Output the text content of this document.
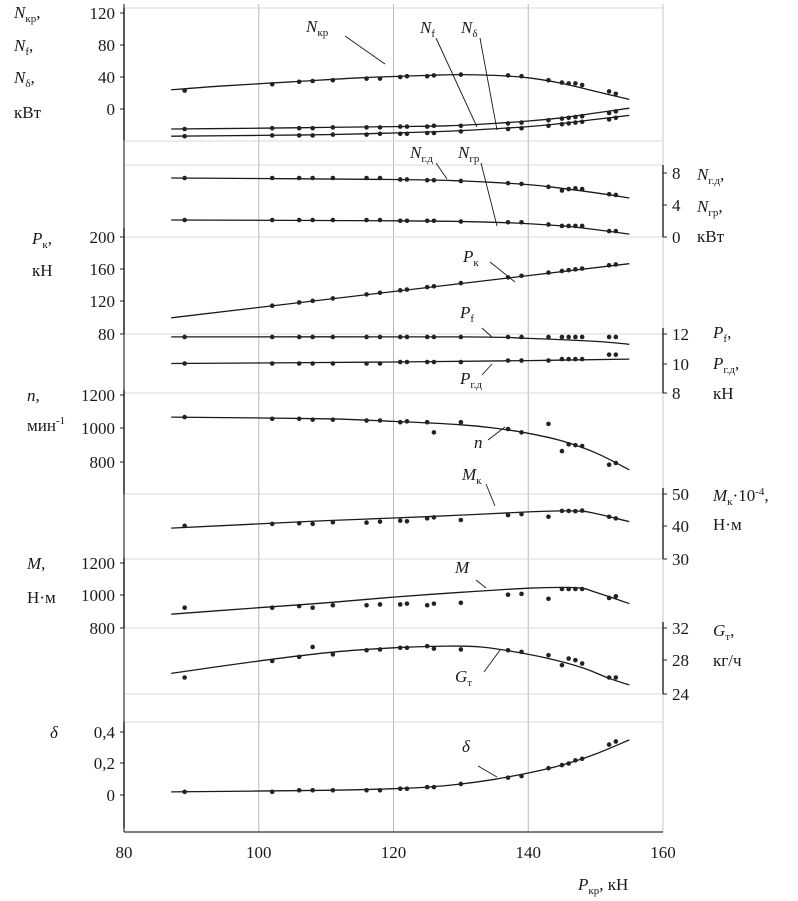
80	100	120	140	160
$P_{кр}$, кН
120
80
40
0
$N_{кр}$,
$N_f$,
$N_\delta$,
кВт
8
4
0
$N_{г.д}$,
$N_{гр}$,
кВт
200
160
120
80
$P_к$,
кН
12
10
8
$P_f$,
$P_{г.д}$,
кН
1200
1000
800
n,
мин$^{-1}$
50
40
30
$M_к\cdot 10^{-4}$,
Н·м
1200
1000
800
M,
Н·м
32
28
24
$G_т$,
кг/ч
0,4
0,2
0
δ
$N_{кр}$	$N_f$ $N_\delta$
$N_{г.д}$ $N_{гр}$
$P_к$
$P_f$
$P_{г.д}$
n
$M_к$
M
$G_т$
δ
